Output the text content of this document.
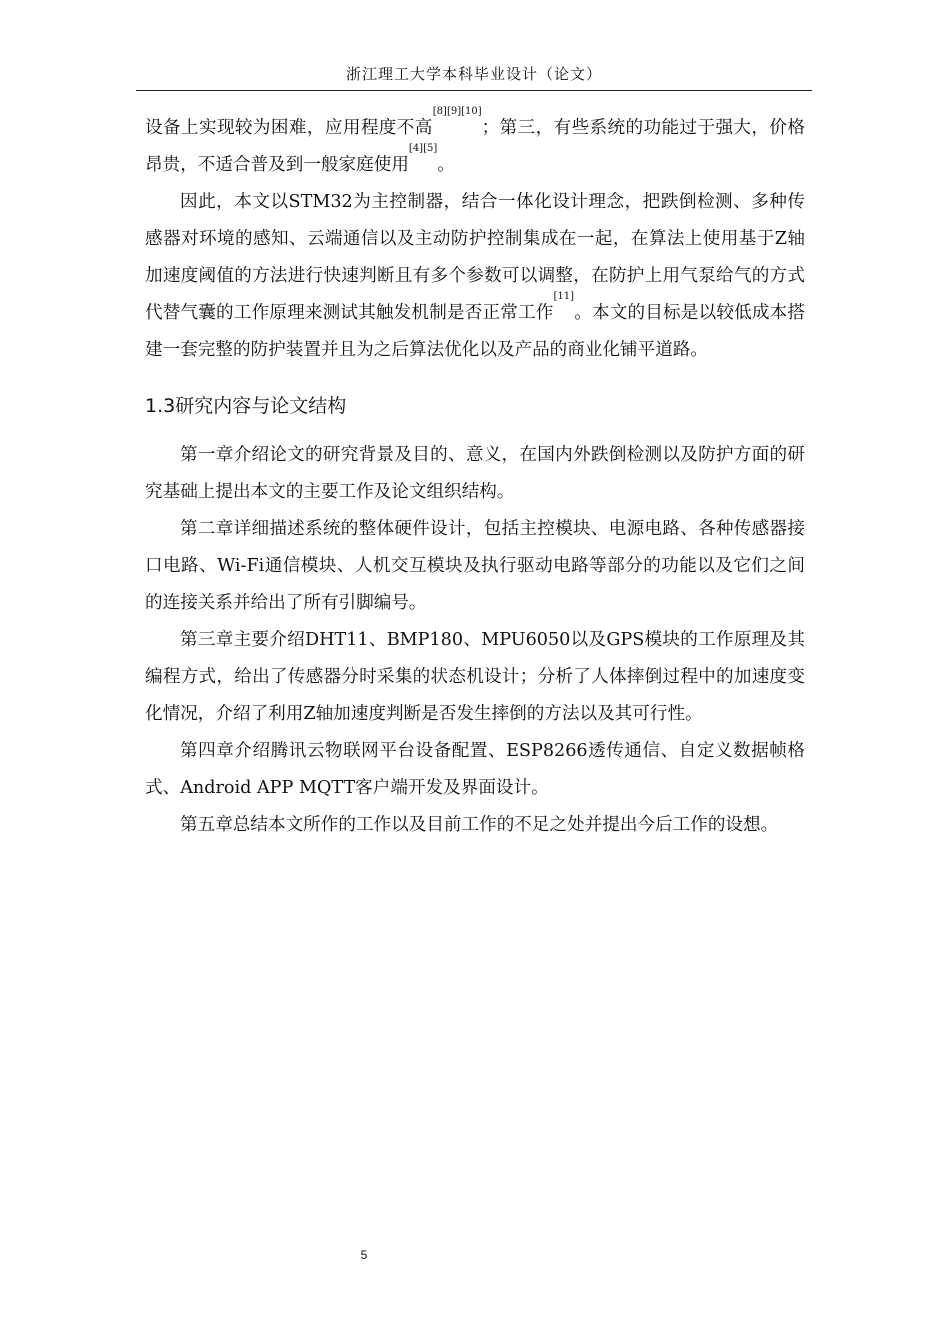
浙江理工大学本科毕业设计（论文）

设备上实现较为困难，应用程度不高[8][9][10]；第三，有些系统的功能过于强大，价格昂贵，不适合普及到一般家庭使用[4][5]。

因此，本文以STM32为主控制器，结合一体化设计理念，把跌倒检测、多种传感器对环境的感知、云端通信以及主动防护控制集成在一起，在算法上使用基于Z轴加速度阈值的方法进行快速判断且有多个参数可以调整，在防护上用气泵给气的方式代替气囊的工作原理来测试其触发机制是否正常工作[11]。本文的目标是以较低成本搭建一套完整的防护装置并且为之后算法优化以及产品的商业化铺平道路。

1.3研究内容与论文结构

第一章介绍论文的研究背景及目的、意义，在国内外跌倒检测以及防护方面的研究基础上提出本文的主要工作及论文组织结构。

第二章详细描述系统的整体硬件设计，包括主控模块、电源电路、各种传感器接口电路、Wi-Fi通信模块、人机交互模块及执行驱动电路等部分的功能以及它们之间的连接关系并给出了所有引脚编号。

第三章主要介绍DHT11、BMP180、MPU6050以及GPS模块的工作原理及其编程方式，给出了传感器分时采集的状态机设计；分析了人体摔倒过程中的加速度变化情况，介绍了利用Z轴加速度判断是否发生摔倒的方法以及其可行性。

第四章介绍腾讯云物联网平台设备配置、ESP8266透传通信、自定义数据帧格式、Android APP MQTT客户端开发及界面设计。

第五章总结本文所作的工作以及目前工作的不足之处并提出今后工作的设想。

5
